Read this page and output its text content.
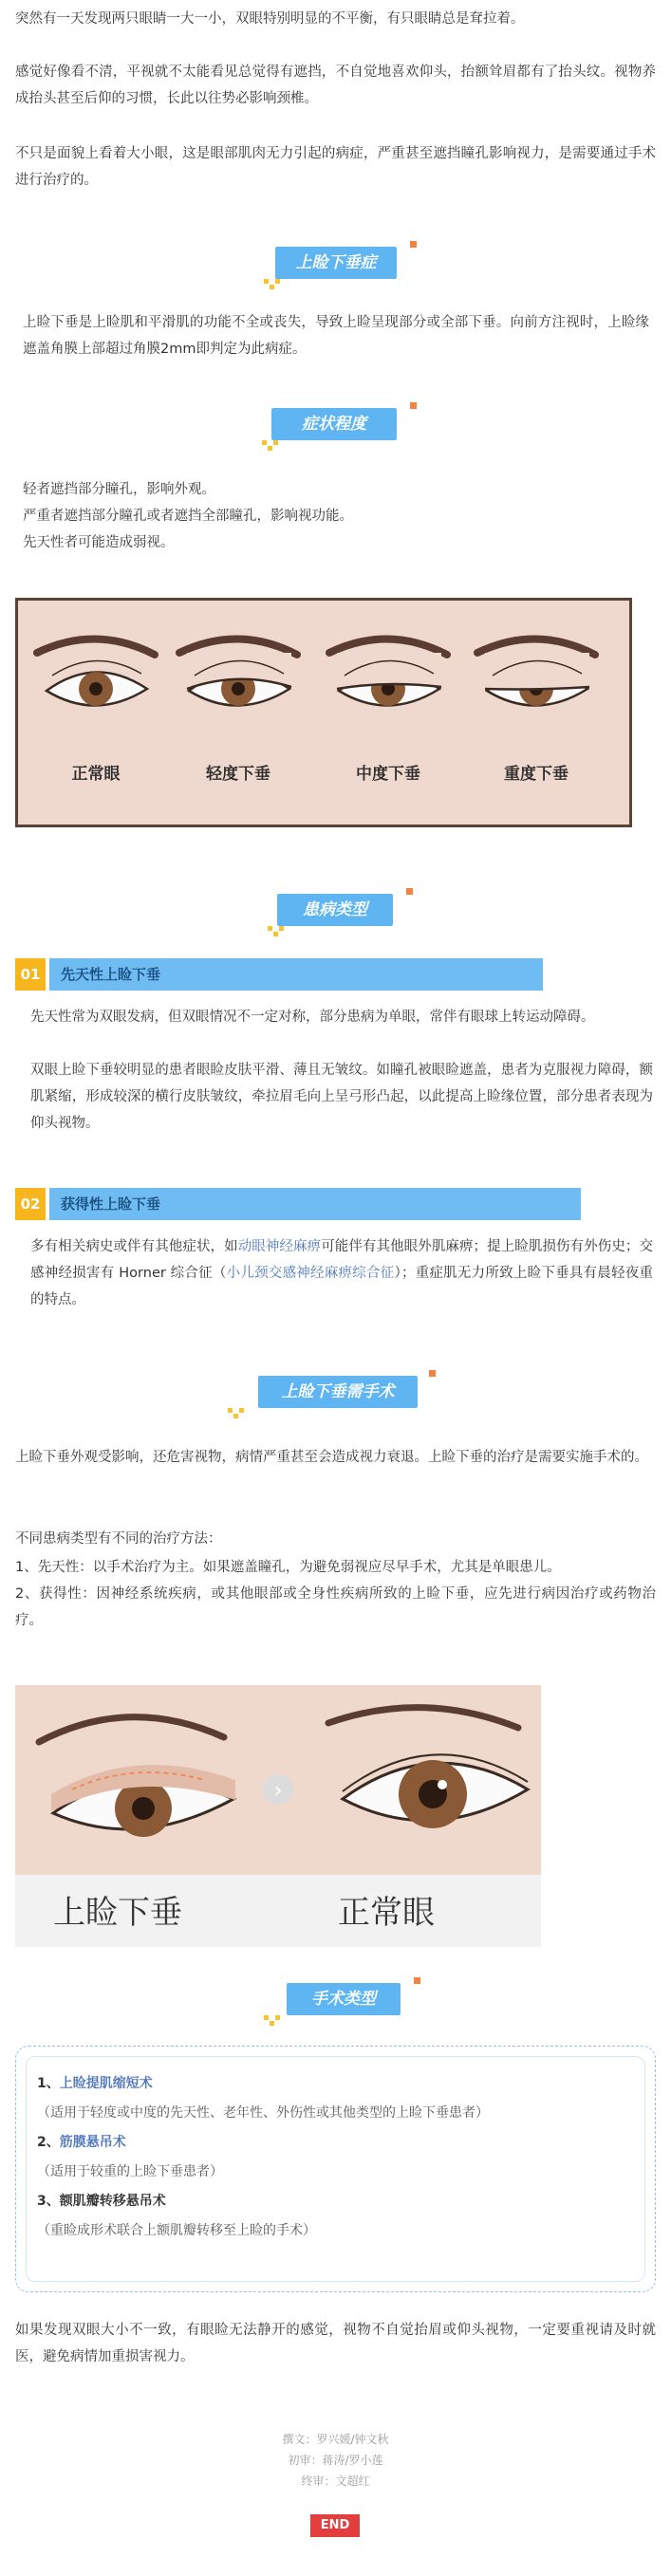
突然有一天发现两只眼睛一大一小，双眼特别明显的不平衡，有只眼睛总是耷拉着。

感觉好像看不清，平视就不太能看见总觉得有遮挡，不自觉地喜欢仰头，抬额耸眉都有了抬头纹。视物养成抬头甚至后仰的习惯，长此以往势必影响颈椎。

不只是面貌上看着大小眼，这是眼部肌肉无力引起的病症，严重甚至遮挡瞳孔影响视力，是需要通过手术进行治疗的。

上睑下垂症

上睑下垂是上睑肌和平滑肌的功能不全或丧失，导致上睑呈现部分或全部下垂。向前方注视时，上睑缘遮盖角膜上部超过角膜2mm即判定为此病症。

症状程度
轻者遮挡部分瞳孔，影响外观。
严重者遮挡部分瞳孔或者遮挡全部瞳孔，影响视功能。
先天性者可能造成弱视。
正常眼	轻度下垂	中度下垂	重度下垂
患病类型
01	先天性上睑下垂

先天性常为双眼发病，但双眼情况不一定对称，部分患病为单眼，常伴有眼球上转运动障碍。

双眼上睑下垂较明显的患者眼睑皮肤平滑、薄且无皱纹。如瞳孔被眼睑遮盖，患者为克服视力障碍，额肌紧缩，形成较深的横行皮肤皱纹，牵拉眉毛向上呈弓形凸起，以此提高上睑缘位置，部分患者表现为仰头视物。

02	获得性上睑下垂

多有相关病史或伴有其他症状，如动眼神经麻痹可能伴有其他眼外肌麻痹；提上睑肌损伤有外伤史；交感神经损害有 Horner 综合征（小儿颈交感神经麻痹综合征）；重症肌无力所致上睑下垂具有晨轻夜重的特点。

上睑下垂需手术

上睑下垂外观受影响，还危害视物，病情严重甚至会造成视力衰退。上睑下垂的治疗是需要实施手术的。

不同患病类型有不同的治疗方法：

1、先天性：以手术治疗为主。如果遮盖瞳孔，为避免弱视应尽早手术，尤其是单眼患儿。

2、获得性：因神经系统疾病，或其他眼部或全身性疾病所致的上睑下垂，应先进行病因治疗或药物治疗。

›
上睑下垂	正常眼
手术类型
1、上睑提肌缩短术
（适用于轻度或中度的先天性、老年性、外伤性或其他类型的上睑下垂患者）
2、筋膜悬吊术
（适用于较重的上睑下垂患者）
3、额肌瓣转移悬吊术
（重睑成形术联合上额肌瓣转移至上睑的手术）

如果发现双眼大小不一致，有眼睑无法静开的感觉，视物不自觉抬眉或仰头视物，一定要重视请及时就医，避免病情加重损害视力。

撰文：罗兴媛/钟文秋
初审：蒋涛/罗小莲
终审：文超红
END
